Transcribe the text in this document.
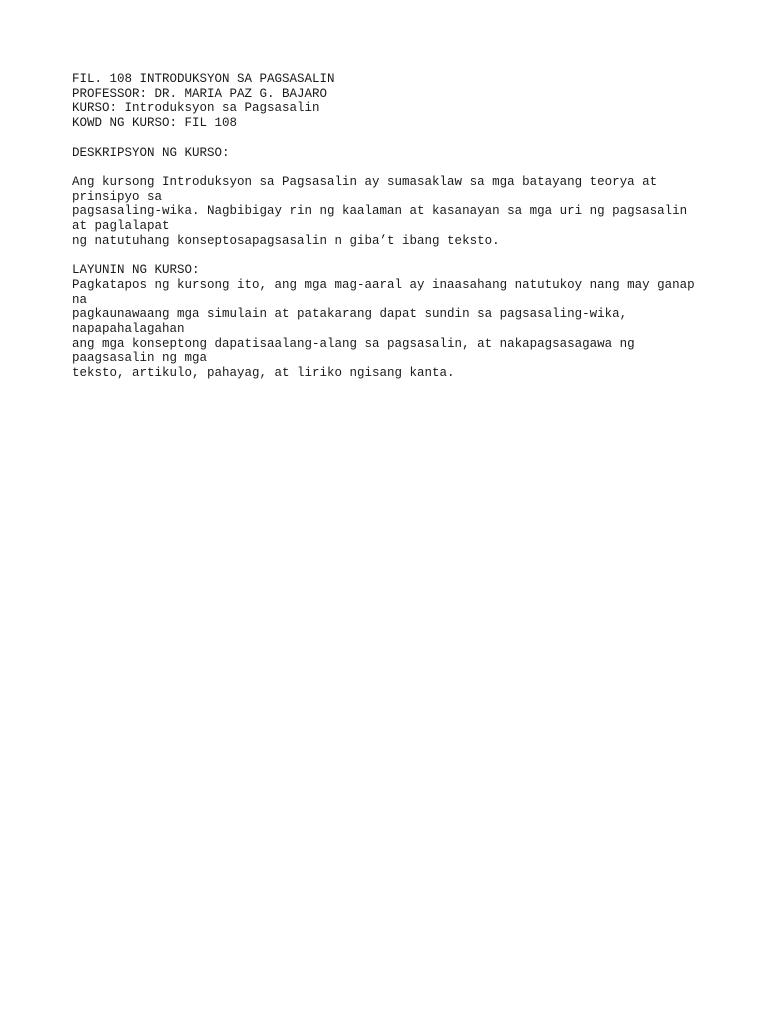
FIL. 108 INTRODUKSYON SA PAGSASALIN
PROFESSOR: DR. MARIA PAZ G. BAJARO
KURSO: Introduksyon sa Pagsasalin
KOWD NG KURSO: FIL 108
DESKRIPSYON NG KURSO:
Ang kursong Introduksyon sa Pagsasalin ay sumasaklaw sa mga batayang teorya at
prinsipyo sa
pagsasaling-wika. Nagbibigay rin ng kaalaman at kasanayan sa mga uri ng pagsasalin
at paglalapat
ng natutuhang konseptosapagsasalin n giba’t ibang teksto.
LAYUNIN NG KURSO:
Pagkatapos ng kursong ito, ang mga mag-aaral ay inaasahang natutukoy nang may ganap
na
pagkaunawaang mga simulain at patakarang dapat sundin sa pagsasaling-wika,
napapahalagahan
ang mga konseptong dapatisaalang-alang sa pagsasalin, at nakapagsasagawa ng
paagsasalin ng mga
teksto, artikulo, pahayag, at liriko ngisang kanta.
